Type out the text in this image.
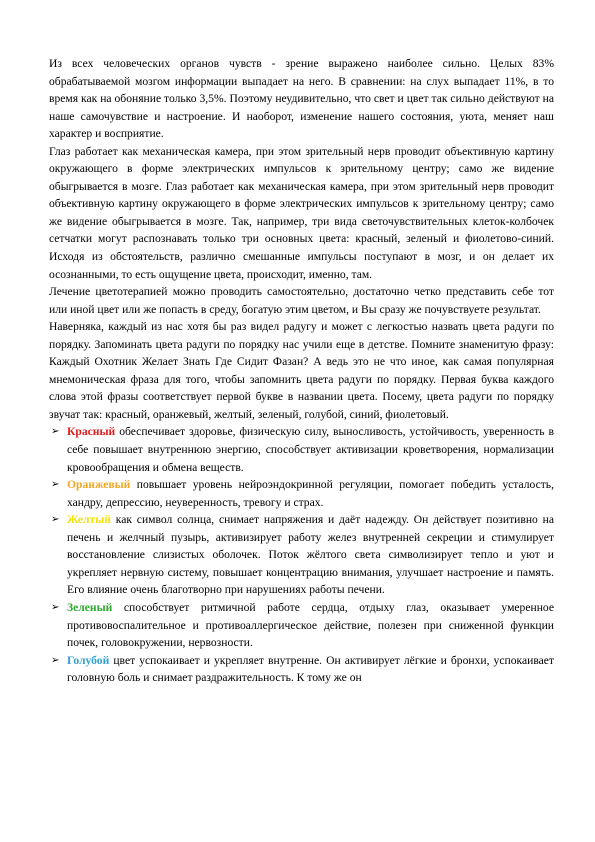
Из всех человеческих органов чувств - зрение выражено наиболее сильно. Целых 83% обрабатываемой мозгом информации выпадает на него. В сравнении: на слух выпадает 11%, в то время как на обоняние только 3,5%. Поэтому неудивительно, что свет и цвет так сильно действуют на наше самочувствие и настроение. И наоборот, изменение нашего состояния, уюта, меняет наш характер и восприятие.

Глаз работает как механическая камера, при этом зрительный нерв проводит объективную картину окружающего в форме электрических импульсов к зрительному центру; само же видение обыгрывается в мозге. Глаз работает как механическая камера, при этом зрительный нерв проводит объективную картину окружающего в форме электрических импульсов к зрительному центру; само же видение обыгрывается в мозге. Так, например, три вида светочувствительных клеток-колбочек сетчатки могут распознавать только три основных цвета: красный, зеленый и фиолетово-синий. Исходя из обстоятельств, различно смешанные импульсы поступают в мозг, и он делает их осознанными, то есть ощущение цвета, происходит, именно, там.

Лечение цветотерапией можно проводить самостоятельно, достаточно четко представить себе тот или иной цвет или же попасть в среду, богатую этим цветом, и Вы сразу же почувствуете результат.

Наверняка, каждый из нас хотя бы раз видел радугу и может с легкостью назвать цвета радуги по порядку. Запоминать цвета радуги по порядку нас учили еще в детстве. Помните знаменитую фразу: Каждый Охотник Желает Знать Где Сидит Фазан? А ведь это не что иное, как самая популярная мнемоническая фраза для того, чтобы запомнить цвета радуги по порядку. Первая буква каждого слова этой фразы соответствует первой букве в названии цвета. Посему, цвета радуги по порядку звучат так: красный, оранжевый, желтый, зеленый, голубой, синий, фиолетовый.

➢ Красный обеспечивает здоровье, физическую силу, выносливость, устойчивость, уверенность в себе повышает внутреннюю энергию, способствует активизации кроветворения, нормализации кровообращения и обмена веществ.
➢ Оранжевый повышает уровень нейроэндокринной регуляции, помогает победить усталость, хандру, депрессию, неуверенность, тревогу и страх.
➢ Желтый как символ солнца, снимает напряжения и даёт надежду. Он действует позитивно на печень и желчный пузырь, активизирует работу желез внутренней секреции и стимулирует восстановление слизистых оболочек. Поток жёлтого света символизирует тепло и уют и укрепляет нервную систему, повышает концентрацию внимания, улучшает настроение и память. Его влияние очень благотворно при нарушениях работы печени.
➢ Зеленый способствует ритмичной работе сердца, отдыху глаз, оказывает умеренное противовоспалительное и противоаллергическое действие, полезен при сниженной функции почек, головокружении, нервозности.
➢ Голубой цвет успокаивает и укрепляет внутренне. Он активирует лёгкие и бронхи, успокаивает головную боль и снимает раздражительность. К тому же он
